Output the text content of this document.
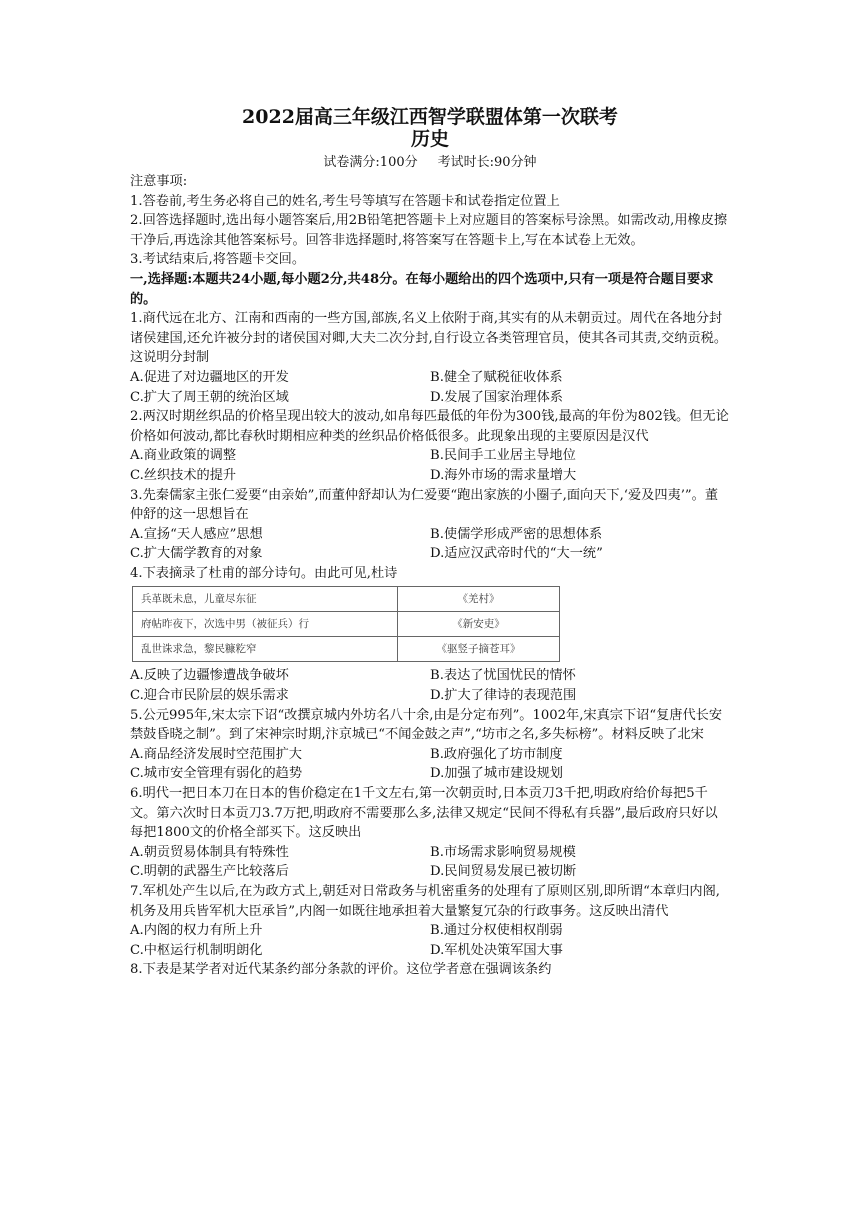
2022届高三年级江西智学联盟体第一次联考
历史
试卷满分:100分 考试时长:90分钟

注意事项:

1.答卷前,考生务必将自己的姓名,考生号等填写在答题卡和试卷指定位置上

2.回答选择题时,选出每小题答案后,用2B铅笔把答题卡上对应题目的答案标号涂黑。如需改动,用橡皮擦干净后,再选涂其他答案标号。回答非选择题时,将答案写在答题卡上,写在本试卷上无效。

3.考试结束后,将答题卡交回。

一,选择题:本题共24小题,每小题2分,共48分。在每小题给出的四个选项中,只有一项是符合题目要求的。

1.商代远在北方、江南和西南的一些方国,部族,名义上依附于商,其实有的从未朝贡过。周代在各地分封诸侯建国,还允许被分封的诸侯国对卿,大夫二次分封,自行设立各类管理官员，使其各司其责,交纳贡税。这说明分封制

A.促进了对边疆地区的开发	B.健全了赋税征收体系
C.扩大了周王朝的统治区域	D.发展了国家治理体系

2.两汉时期丝织品的价格呈现出较大的波动,如帛每匹最低的年份为300钱,最高的年份为802钱。但无论价格如何波动,都比春秋时期相应种类的丝织品价格低很多。此现象出现的主要原因是汉代

A.商业政策的调整	B.民间手工业居主导地位
C.丝织技术的提升	D.海外市场的需求量增大

3.先秦儒家主张仁爱要“由亲始”,而董仲舒却认为仁爱要“跑出家族的小圈子,面向天下,‘爱及四夷’”。董仲舒的这一思想旨在

A.宣扬“天人感应”思想	B.使儒学形成严密的思想体系
C.扩大儒学教育的对象	D.适应汉武帝时代的“大一统”

4.下表摘录了杜甫的部分诗句。由此可见,杜诗

兵革既未息，儿童尽东征	《羌村》
府帖昨夜下，次选中男（被征兵）行	《新安吏》
乱世诛求急，黎民糠籺窄	《驱竖子摘苍耳》
A.反映了边疆惨遭战争破坏	B.表达了忧国忧民的情怀
C.迎合市民阶层的娱乐需求	D.扩大了律诗的表现范围

5.公元995年,宋太宗下诏“改撰京城内外坊名八十余,由是分定布列”。1002年,宋真宗下诏“复唐代长安禁鼓昏晓之制”。到了宋神宗时期,汴京城已“不闻金鼓之声”,“坊市之名,多失标榜”。材料反映了北宋

A.商品经济发展时空范围扩大	B.政府强化了坊市制度
C.城市安全管理有弱化的趋势	D.加强了城市建设规划

6.明代一把日本刀在日本的售价稳定在1千文左右,第一次朝贡时,日本贡刀3千把,明政府给价每把5千文。第六次时日本贡刀3.7万把,明政府不需要那么多,法律又规定“民间不得私有兵器”,最后政府只好以每把1800文的价格全部买下。这反映出

A.朝贡贸易体制具有特殊性	B.市场需求影响贸易规模
C.明朝的武器生产比较落后	D.民间贸易发展已被切断

7.军机处产生以后,在为政方式上,朝廷对日常政务与机密重务的处理有了原则区别,即所谓“本章归内阁,机务及用兵皆军机大臣承旨”,内阁一如既往地承担着大量繁复冗杂的行政事务。这反映出清代

A.内阁的权力有所上升	B.通过分权使相权削弱
C.中枢运行机制明朗化	D.军机处决策军国大事

8.下表是某学者对近代某条约部分条款的评价。这位学者意在强调该条约
